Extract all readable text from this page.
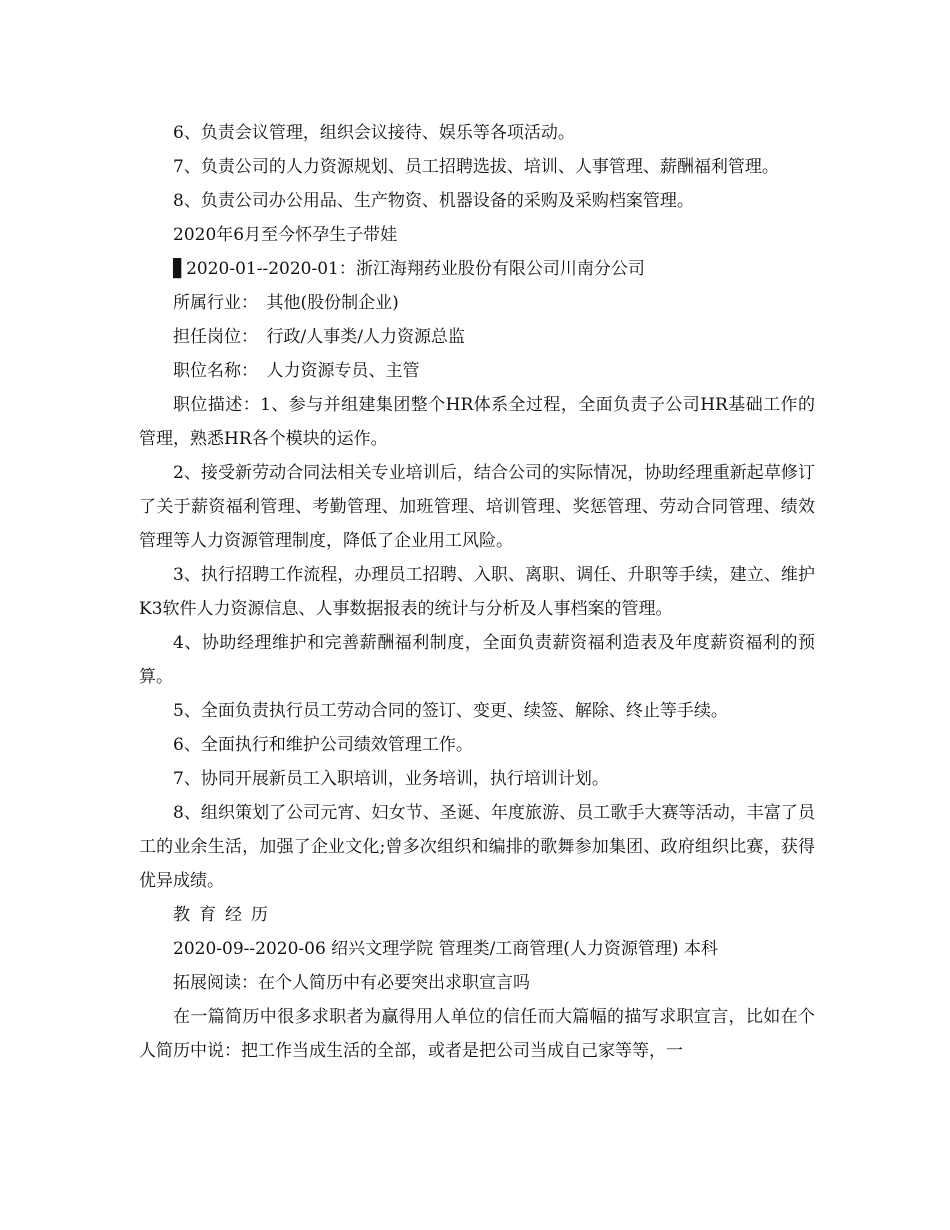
6、负责会议管理，组织会议接待、娱乐等各项活动。

7、负责公司的人力资源规划、员工招聘选拔、培训、人事管理、薪酬福利管理。

8、负责公司办公用品、生产物资、机器设备的采购及采购档案管理。

2020年6月至今怀孕生子带娃

▋2020-01--2020-01：浙江海翔药业股份有限公司川南分公司

所属行业：　其他(股份制企业)

担任岗位：　行政/人事类/人力资源总监

职位名称：　人力资源专员、主管

职位描述：1、参与并组建集团整个HR体系全过程，全面负责子公司HR基础工作的管理，熟悉HR各个模块的运作。

2、接受新劳动合同法相关专业培训后，结合公司的实际情况，协助经理重新起草修订了关于薪资福利管理、考勤管理、加班管理、培训管理、奖惩管理、劳动合同管理、绩效管理等人力资源管理制度，降低了企业用工风险。

3、执行招聘工作流程，办理员工招聘、入职、离职、调任、升职等手续，建立、维护K3软件人力资源信息、人事数据报表的统计与分析及人事档案的管理。

4、协助经理维护和完善薪酬福利制度，全面负责薪资福利造表及年度薪资福利的预算。

5、全面负责执行员工劳动合同的签订、变更、续签、解除、终止等手续。

6、全面执行和维护公司绩效管理工作。

7、协同开展新员工入职培训，业务培训，执行培训计划。

8、组织策划了公司元宵、妇女节、圣诞、年度旅游、员工歌手大赛等活动，丰富了员工的业余生活，加强了企业文化;曾多次组织和编排的歌舞参加集团、政府组织比赛，获得优异成绩。

教育经历

2020-09--2020-06 绍兴文理学院 管理类/工商管理(人力资源管理) 本科

拓展阅读：在个人简历中有必要突出求职宣言吗

在一篇简历中很多求职者为赢得用人单位的信任而大篇幅的描写求职宣言，比如在个人简历中说：把工作当成生活的全部，或者是把公司当成自己家等等，一
